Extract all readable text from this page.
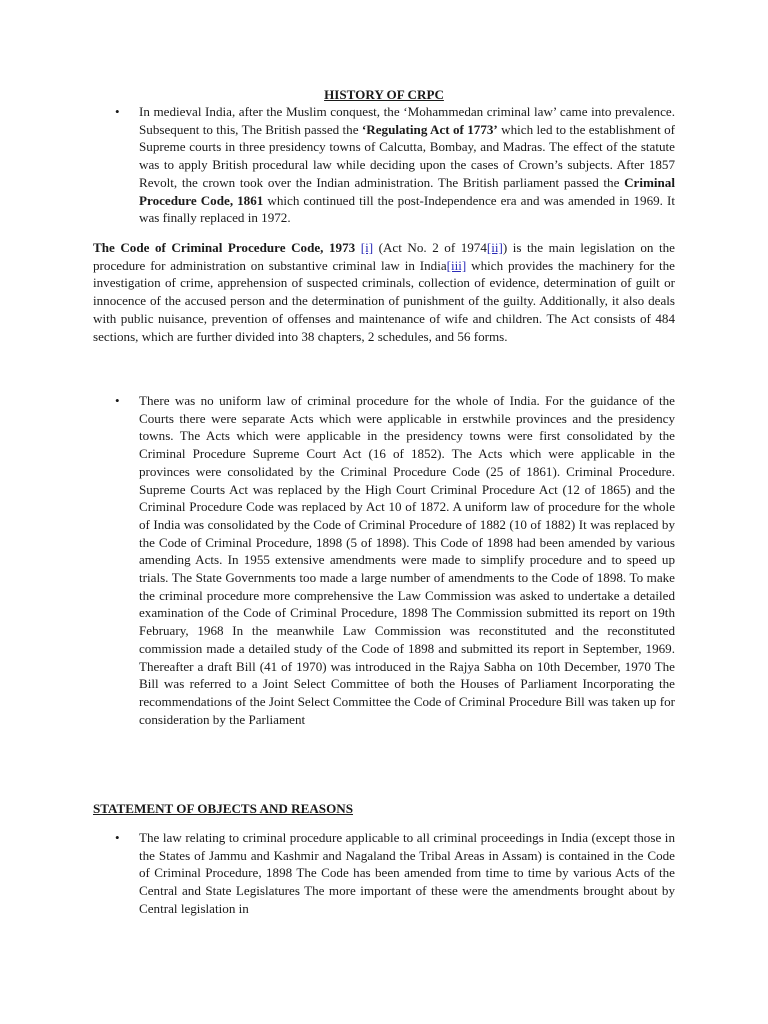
HISTORY OF CRPC
• In medieval India, after the Muslim conquest, the ‘Mohammedan criminal law’ came into prevalence. Subsequent to this, The British passed the ‘Regulating Act of 1773’ which led to the establishment of Supreme courts in three presidency towns of Calcutta, Bombay, and Madras. The effect of the statute was to apply British procedural law while deciding upon the cases of Crown’s subjects. After 1857 Revolt, the crown took over the Indian administration. The British parliament passed the Criminal Procedure Code, 1861 which continued till the post-Independence era and was amended in 1969. It was finally replaced in 1972.
The Code of Criminal Procedure Code, 1973 [i] (Act No. 2 of 1974[ii]) is the main legislation on the procedure for administration on substantive criminal law in India[iii] which provides the machinery for the investigation of crime, apprehension of suspected criminals, collection of evidence, determination of guilt or innocence of the accused person and the determination of punishment of the guilty. Additionally, it also deals with public nuisance, prevention of offenses and maintenance of wife and children. The Act consists of 484 sections, which are further divided into 38 chapters, 2 schedules, and 56 forms.
• There was no uniform law of criminal procedure for the whole of India. For the guidance of the Courts there were separate Acts which were applicable in erstwhile provinces and the presidency towns. The Acts which were applicable in the presidency towns were first consolidated by the Criminal Procedure Supreme Court Act (16 of 1852). The Acts which were applicable in the provinces were consolidated by the Criminal Procedure Code (25 of 1861). Criminal Procedure. Supreme Courts Act was replaced by the High Court Criminal Procedure Act (12 of 1865) and the Criminal Procedure Code was replaced by Act 10 of 1872. A uniform law of procedure for the whole of India was consolidated by the Code of Criminal Procedure of 1882 (10 of 1882) It was replaced by the Code of Criminal Procedure, 1898 (5 of 1898). This Code of 1898 had been amended by various amending Acts. In 1955 extensive amendments were made to simplify procedure and to speed up trials. The State Governments too made a large number of amendments to the Code of 1898. To make the criminal procedure more comprehensive the Law Commission was asked to undertake a detailed examination of the Code of Criminal Procedure, 1898 The Commission submitted its report on 19th February, 1968 In the meanwhile Law Commission was reconstituted and the reconstituted commission made a detailed study of the Code of 1898 and submitted its report in September, 1969. Thereafter a draft Bill (41 of 1970) was introduced in the Rajya Sabha on 10th December, 1970 The Bill was referred to a Joint Select Committee of both the Houses of Parliament Incorporating the recommendations of the Joint Select Committee the Code of Criminal Procedure Bill was taken up for consideration by the Parliament
STATEMENT OF OBJECTS AND REASONS
• The law relating to criminal procedure applicable to all criminal proceedings in India (except those in the States of Jammu and Kashmir and Nagaland the Tribal Areas in Assam) is contained in the Code of Criminal Procedure, 1898 The Code has been amended from time to time by various Acts of the Central and State Legislatures The more important of these were the amendments brought about by Central legislation in
